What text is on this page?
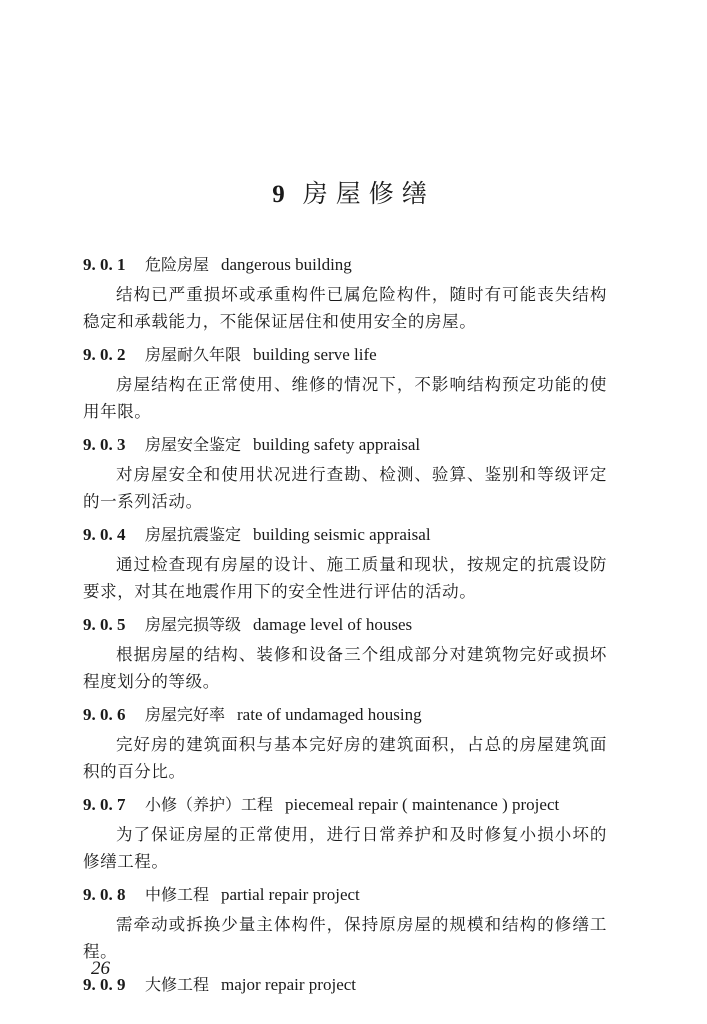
9 房屋修缮
9. 0. 1 危险房屋 dangerous building

结构已严重损坏或承重构件已属危险构件，随时有可能丧失结构稳定和承载能力，不能保证居住和使用安全的房屋。

9. 0. 2 房屋耐久年限 building serve life

房屋结构在正常使用、维修的情况下，不影响结构预定功能的使用年限。

9. 0. 3 房屋安全鉴定 building safety appraisal

对房屋安全和使用状况进行查勘、检测、验算、鉴别和等级评定的一系列活动。

9. 0. 4 房屋抗震鉴定 building seismic appraisal

通过检查现有房屋的设计、施工质量和现状，按规定的抗震设防要求，对其在地震作用下的安全性进行评估的活动。

9. 0. 5 房屋完损等级 damage level of houses

根据房屋的结构、装修和设备三个组成部分对建筑物完好或损坏程度划分的等级。

9. 0. 6 房屋完好率 rate of undamaged housing

完好房的建筑面积与基本完好房的建筑面积，占总的房屋建筑面积的百分比。

9. 0. 7 小修（养护）工程 piecemeal repair ( maintenance ) project

为了保证房屋的正常使用，进行日常养护和及时修复小损小坏的修缮工程。

9. 0. 8 中修工程 partial repair project

需牵动或拆换少量主体构件，保持原房屋的规模和结构的修缮工程。

9. 0. 9 大修工程 major repair project
26
